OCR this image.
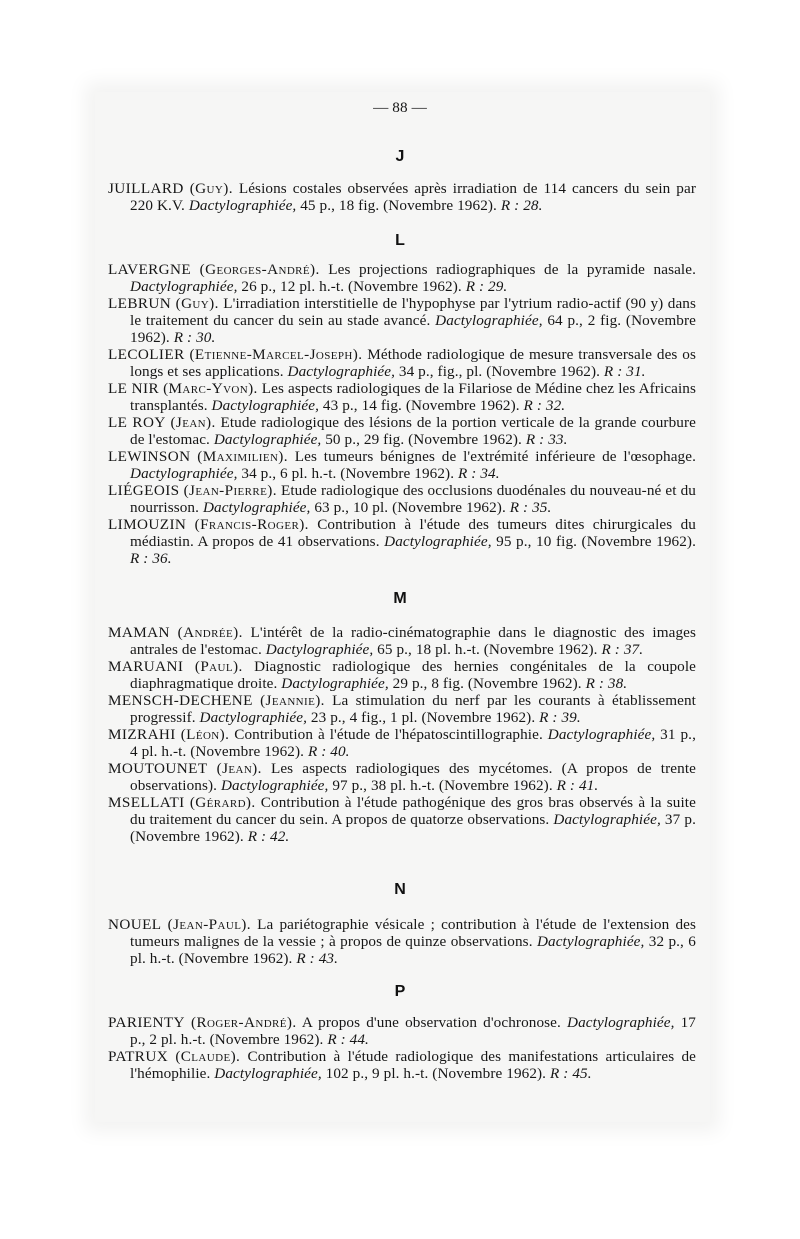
— 88 —
J

JUILLARD (Guy). Lésions costales observées après irradiation de 114 cancers du sein par 220 K.V. Dactylographiée, 45 p., 18 fig. (Novembre 1962). R : 28.

L

LAVERGNE (Georges-André). Les projections radiographiques de la pyramide nasale. Dactylographiée, 26 p., 12 pl. h.-t. (Novembre 1962). R : 29.

LEBRUN (Guy). L'irradiation interstitielle de l'hypophyse par l'ytrium radio-actif (90 y) dans le traitement du cancer du sein au stade avancé. Dactylographiée, 64 p., 2 fig. (Novembre 1962). R : 30.

LECOLIER (Etienne-Marcel-Joseph). Méthode radiologique de mesure transversale des os longs et ses applications. Dactylographiée, 34 p., fig., pl. (Novembre 1962). R : 31.

LE NIR (Marc-Yvon). Les aspects radiologiques de la Filariose de Médine chez les Africains transplantés. Dactylographiée, 43 p., 14 fig. (Novembre 1962). R : 32.

LE ROY (Jean). Etude radiologique des lésions de la portion verticale de la grande courbure de l'estomac. Dactylographiée, 50 p., 29 fig. (Novembre 1962). R : 33.

LEWINSON (Maximilien). Les tumeurs bénignes de l'extrémité inférieure de l'œsophage. Dactylographiée, 34 p., 6 pl. h.-t. (Novembre 1962). R : 34.

LIÉGEOIS (Jean-Pierre). Etude radiologique des occlusions duodénales du nouveau-né et du nourrisson. Dactylographiée, 63 p., 10 pl. (Novembre 1962). R : 35.

LIMOUZIN (Francis-Roger). Contribution à l'étude des tumeurs dites chirurgicales du médiastin. A propos de 41 observations. Dactylographiée, 95 p., 10 fig. (Novembre 1962). R : 36.

M

MAMAN (Andrée). L'intérêt de la radio-cinématographie dans le diagnostic des images antrales de l'estomac. Dactylographiée, 65 p., 18 pl. h.-t. (Novembre 1962). R : 37.

MARUANI (Paul). Diagnostic radiologique des hernies congénitales de la coupole diaphragmatique droite. Dactylographiée, 29 p., 8 fig. (Novembre 1962). R : 38.

MENSCH-DECHENE (Jeannie). La stimulation du nerf par les courants à établissement progressif. Dactylographiée, 23 p., 4 fig., 1 pl. (Novembre 1962). R : 39.

MIZRAHI (Léon). Contribution à l'étude de l'hépatoscintillographie. Dactylographiée, 31 p., 4 pl. h.-t. (Novembre 1962). R : 40.

MOUTOUNET (Jean). Les aspects radiologiques des mycétomes. (A propos de trente observations). Dactylographiée, 97 p., 38 pl. h.-t. (Novembre 1962). R : 41.

MSELLATI (Gérard). Contribution à l'étude pathogénique des gros bras observés à la suite du traitement du cancer du sein. A propos de quatorze observations. Dactylographiée, 37 p. (Novembre 1962). R : 42.

N

NOUEL (Jean-Paul). La pariétographie vésicale ; contribution à l'étude de l'extension des tumeurs malignes de la vessie ; à propos de quinze observations. Dactylographiée, 32 p., 6 pl. h.-t. (Novembre 1962). R : 43.

P

PARIENTY (Roger-André). A propos d'une observation d'ochronose. Dactylographiée, 17 p., 2 pl. h.-t. (Novembre 1962). R : 44.

PATRUX (Claude). Contribution à l'étude radiologique des manifestations articulaires de l'hémophilie. Dactylographiée, 102 p., 9 pl. h.-t. (Novembre 1962). R : 45.
